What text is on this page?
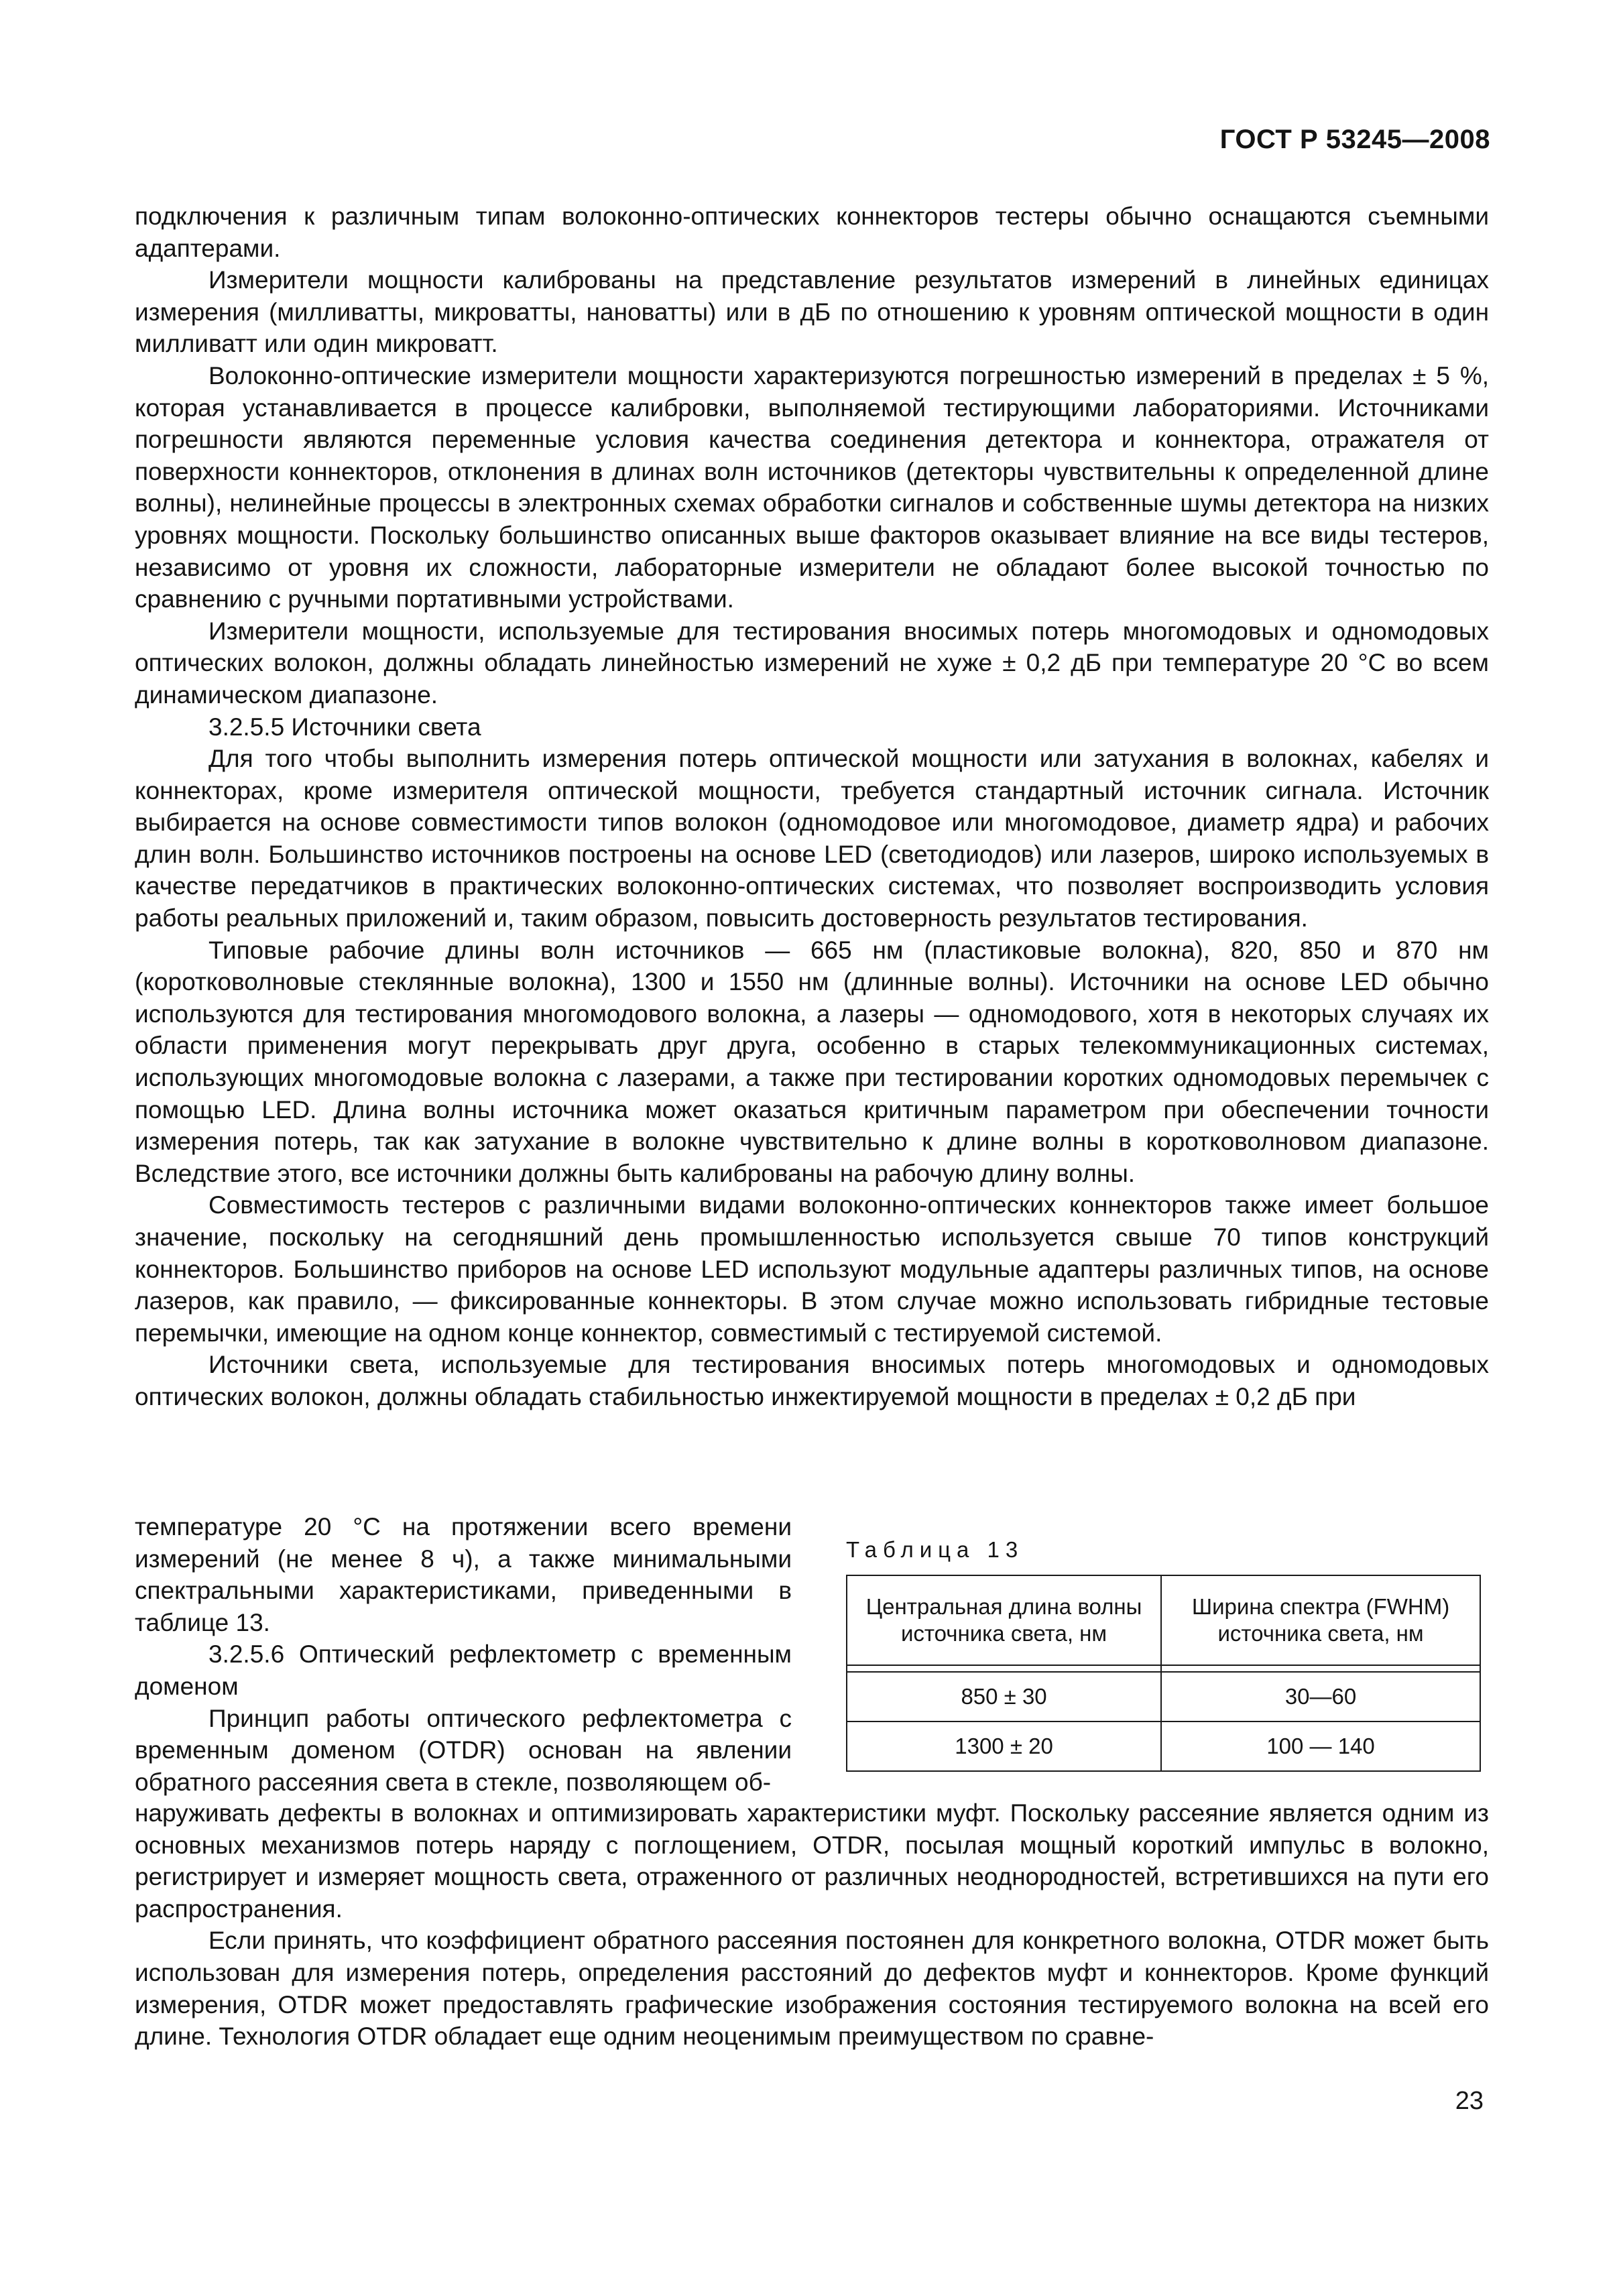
ГОСТ Р 53245—2008

подключения к различным типам волоконно-оптических коннекторов тестеры обычно оснащаются съемными адаптерами.

Измерители мощности калиброваны на представление результатов измерений в линейных единицах измерения (милливатты, микроватты, нановатты) или в дБ по отношению к уровням оптической мощности в один милливатт или один микроватт.

Волоконно-оптические измерители мощности характеризуются погрешностью измерений в пределах ± 5 %, которая устанавливается в процессе калибровки, выполняемой тестирующими лабораториями. Источниками погрешности являются переменные условия качества соединения детектора и коннектора, отражателя от поверхности коннекторов, отклонения в длинах волн источников (детекторы чувствительны к определенной длине волны), нелинейные процессы в электронных схемах обработки сигналов и собственные шумы детектора на низких уровнях мощности. Поскольку большинство описанных выше факторов оказывает влияние на все виды тестеров, независимо от уровня их сложности, лабораторные измерители не обладают более высокой точностью по сравнению с ручными портативными устройствами.

Измерители мощности, используемые для тестирования вносимых потерь многомодовых и одномодовых оптических волокон, должны обладать линейностью измерений не хуже ± 0,2 дБ при температуре 20 °С во всем динамическом диапазоне.

3.2.5.5 Источники света

Для того чтобы выполнить измерения потерь оптической мощности или затухания в волокнах, кабелях и коннекторах, кроме измерителя оптической мощности, требуется стандартный источник сигнала. Источник выбирается на основе совместимости типов волокон (одномодовое или многомодовое, диаметр ядра) и рабочих длин волн. Большинство источников построены на основе LED (светодиодов) или лазеров, широко используемых в качестве передатчиков в практических волоконно-оптических системах, что позволяет воспроизводить условия работы реальных приложений и, таким образом, повысить достоверность результатов тестирования.

Типовые рабочие длины волн источников — 665 нм (пластиковые волокна), 820, 850 и 870 нм (коротковолновые стеклянные волокна), 1300 и 1550 нм (длинные волны). Источники на основе LED обычно используются для тестирования многомодового волокна, а лазеры — одномодового, хотя в некоторых случаях их области применения могут перекрывать друг друга, особенно в старых телекоммуникационных системах, использующих многомодовые волокна с лазерами, а также при тестировании коротких одномодовых перемычек с помощью LED. Длина волны источника может оказаться критичным параметром при обеспечении точности измерения потерь, так как затухание в волокне чувствительно к длине волны в коротковолновом диапазоне. Вследствие этого, все источники должны быть калиброваны на рабочую длину волны.

Совместимость тестеров с различными видами волоконно-оптических коннекторов также имеет большое значение, поскольку на сегодняшний день промышленностью используется свыше 70 типов конструкций коннекторов. Большинство приборов на основе LED используют модульные адаптеры различных типов, на основе лазеров, как правило, — фиксированные коннекторы. В этом случае можно использовать гибридные тестовые перемычки, имеющие на одном конце коннектор, совместимый с тестируемой системой.

Источники света, используемые для тестирования вносимых потерь многомодовых и одномодовых оптических волокон, должны обладать стабильностью инжектируемой мощности в пределах ± 0,2 дБ при

температуре 20 °С на протяжении всего времени измерений (не менее 8 ч), а также минимальными спектральными характеристиками, приведенными в таблице 13.

3.2.5.6 Оптический рефлектометр с временным доменом

Принцип работы оптического рефлектометра с временным доменом (OTDR) основан на явлении обратного рассеяния света в стекле, позволяющем об-

Таблица 13
Центральная длина волны источника света, нм	Ширина спектра (FWHM) источника света, нм

850 ± 30	30—60
1300 ± 20	100 — 140

наруживать дефекты в волокнах и оптимизировать характеристики муфт. Поскольку рассеяние является одним из основных механизмов потерь наряду с поглощением, OTDR, посылая мощный короткий импульс в волокно, регистрирует и измеряет мощность света, отраженного от различных неоднородностей, встретившихся на пути его распространения.

Если принять, что коэффициент обратного рассеяния постоянен для конкретного волокна, OTDR может быть использован для измерения потерь, определения расстояний до дефектов муфт и коннекторов. Кроме функций измерения, OTDR может предоставлять графические изображения состояния тестируемого волокна на всей его длине. Технология OTDR обладает еще одним неоценимым преимуществом по сравне-

23
